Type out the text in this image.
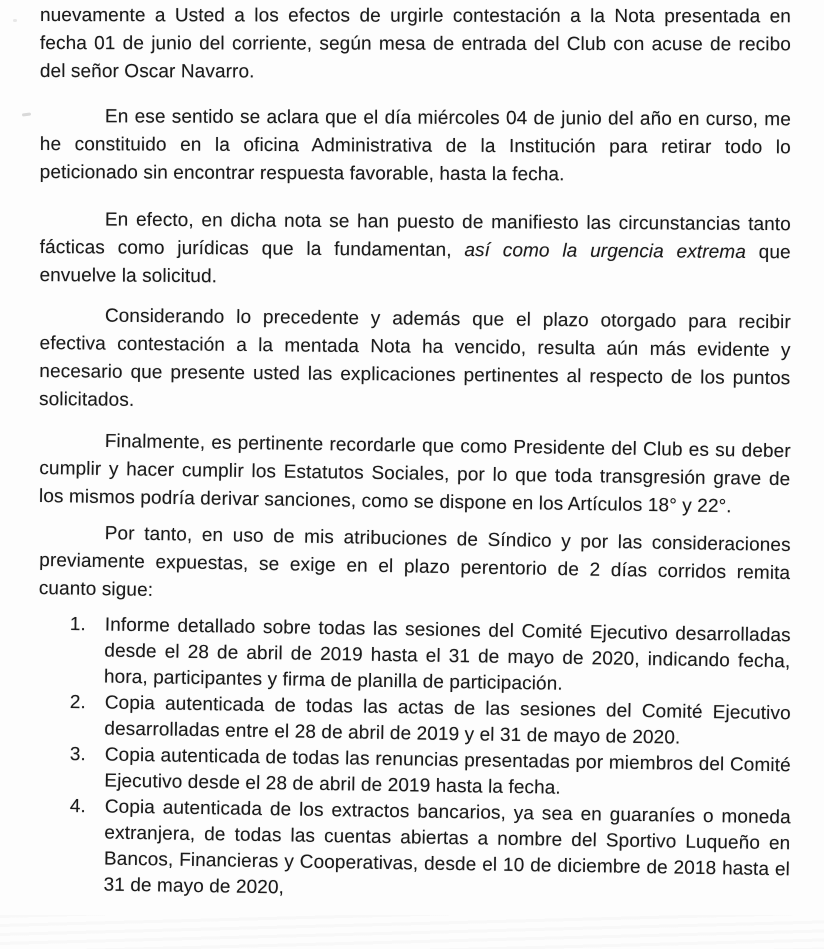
nuevamente a Usted a los efectos de urgirle contestación a la Nota presentada en fecha 01 de junio del corriente, según mesa de entrada del Club con acuse de recibo del señor Oscar Navarro.

En ese sentido se aclara que el día miércoles 04 de junio del año en curso, me he constituido en la oficina Administrativa de la Institución para retirar todo lo peticionado sin encontrar respuesta favorable, hasta la fecha.

En efecto, en dicha nota se han puesto de manifiesto las circunstancias tanto fácticas como jurídicas que la fundamentan, así como la urgencia extrema que envuelve la solicitud.

Considerando lo precedente y además que el plazo otorgado para recibir efectiva contestación a la mentada Nota ha vencido, resulta aún más evidente y necesario que presente usted las explicaciones pertinentes al respecto de los puntos solicitados.

Finalmente, es pertinente recordarle que como Presidente del Club es su deber cumplir y hacer cumplir los Estatutos Sociales, por lo que toda transgresión grave de los mismos podría derivar sanciones, como se dispone en los Artículos 18° y 22°.

Por tanto, en uso de mis atribuciones de Síndico y por las consideraciones previamente expuestas, se exige en el plazo perentorio de 2 días corridos remita cuanto sigue:

1. Informe detallado sobre todas las sesiones del Comité Ejecutivo desarrolladas desde el 28 de abril de 2019 hasta el 31 de mayo de 2020, indicando fecha, hora, participantes y firma de planilla de participación.
2. Copia autenticada de todas las actas de las sesiones del Comité Ejecutivo desarrolladas entre el 28 de abril de 2019 y el 31 de mayo de 2020.
3. Copia autenticada de todas las renuncias presentadas por miembros del Comité Ejecutivo desde el 28 de abril de 2019 hasta la fecha.
4. Copia autenticada de los extractos bancarios, ya sea en guaraníes o moneda extranjera, de todas las cuentas abiertas a nombre del Sportivo Luqueño en Bancos, Financieras y Cooperativas, desde el 10 de diciembre de 2018 hasta el 31 de mayo de 2020,
